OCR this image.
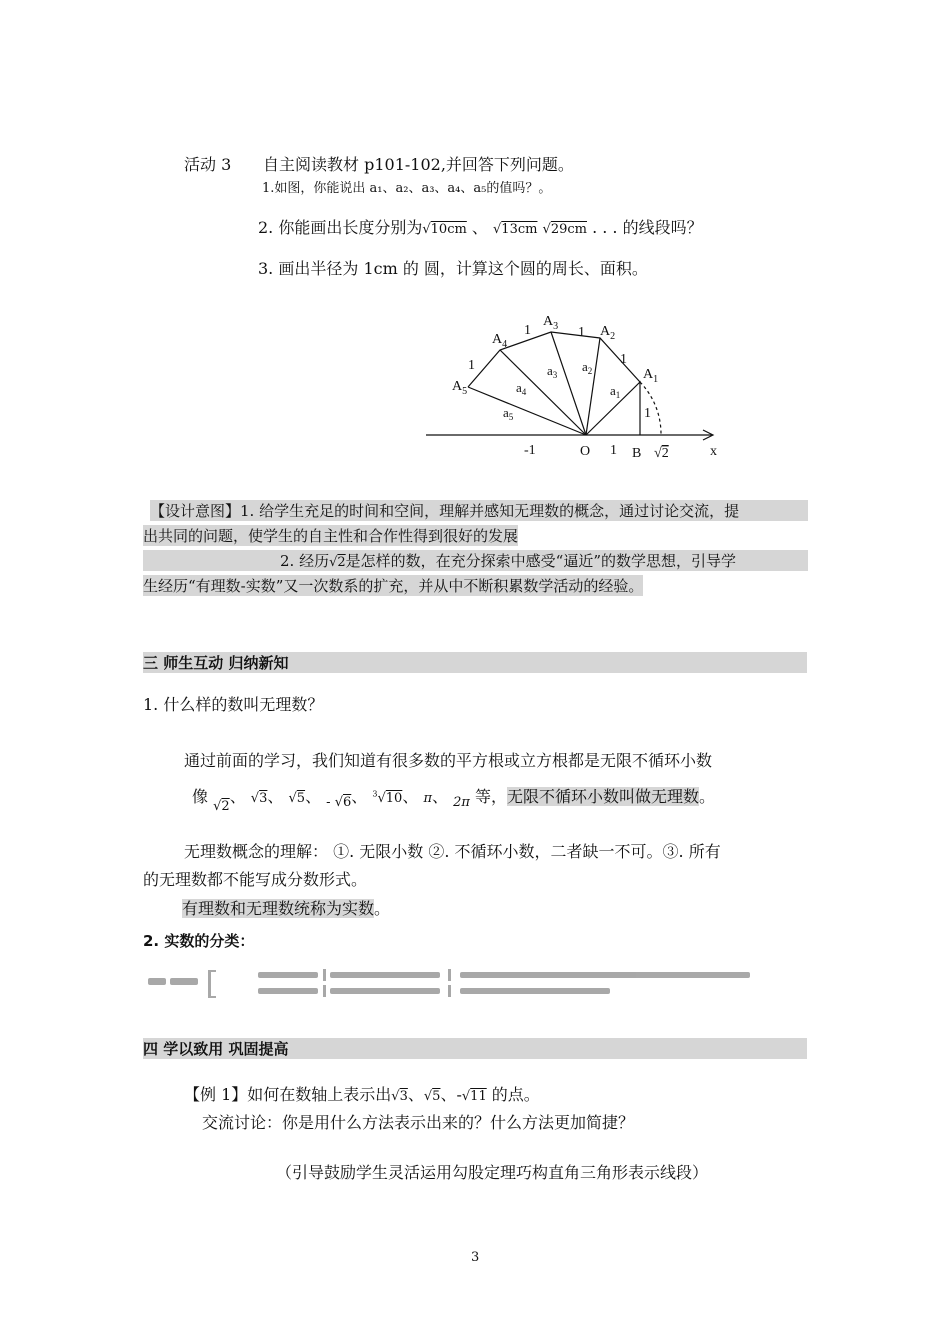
活动 3 自主阅读教材 p101-102,并回答下列问题。
1.如图，你能说出 a₁、a₂、a₃、a₄、a₅的值吗？。
2. 你能画出长度分别为√10cm 、 √13cm √29cm . . . 的线段吗？
3. 画出半径为 1cm 的 圆，计算这个圆的周长、面积。
$A_1$
$A_2$
$A_3$
$A_4$
$A_5$	$a_1$
$a_2$
$a_3$
$a_4$
$a_5$	1
1
1
1
1
1
-1	O	B √2	x
【设计意图】1. 给学生充足的时间和空间，理解并感知无理数的概念，通过讨论交流，提
出共同的问题，使学生的自主性和合作性得到很好的发展
2. 经历√2是怎样的数，在充分探索中感受“逼近”的数学思想，引导学
生经历“有理数-实数”又一次数系的扩充，并从中不断积累数学活动的经验。
三 师生互动 归纳新知
1. 什么样的数叫无理数？
通过前面的学习，我们知道有很多数的平方根或立方根都是无限不循环小数
像 $_{√2}$、 √3、 √5、 $_{- √6}$、 $^3$√10、 π、 $_{2\pi}$ 等，无限不循环小数叫做无理数。
无理数概念的理解： ①. 无限小数 ②. 不循环小数，二者缺一不可。③. 所有
的无理数都不能写成分数形式。
有理数和无理数统称为实数。
2. 实数的分类：
四 学以致用 巩固提高
【例 1】如何在数轴上表示出√3、√5、-√11 的点。
交流讨论：你是用什么方法表示出来的？什么方法更加简捷？
（引导鼓励学生灵活运用勾股定理巧构直角三角形表示线段）
3
